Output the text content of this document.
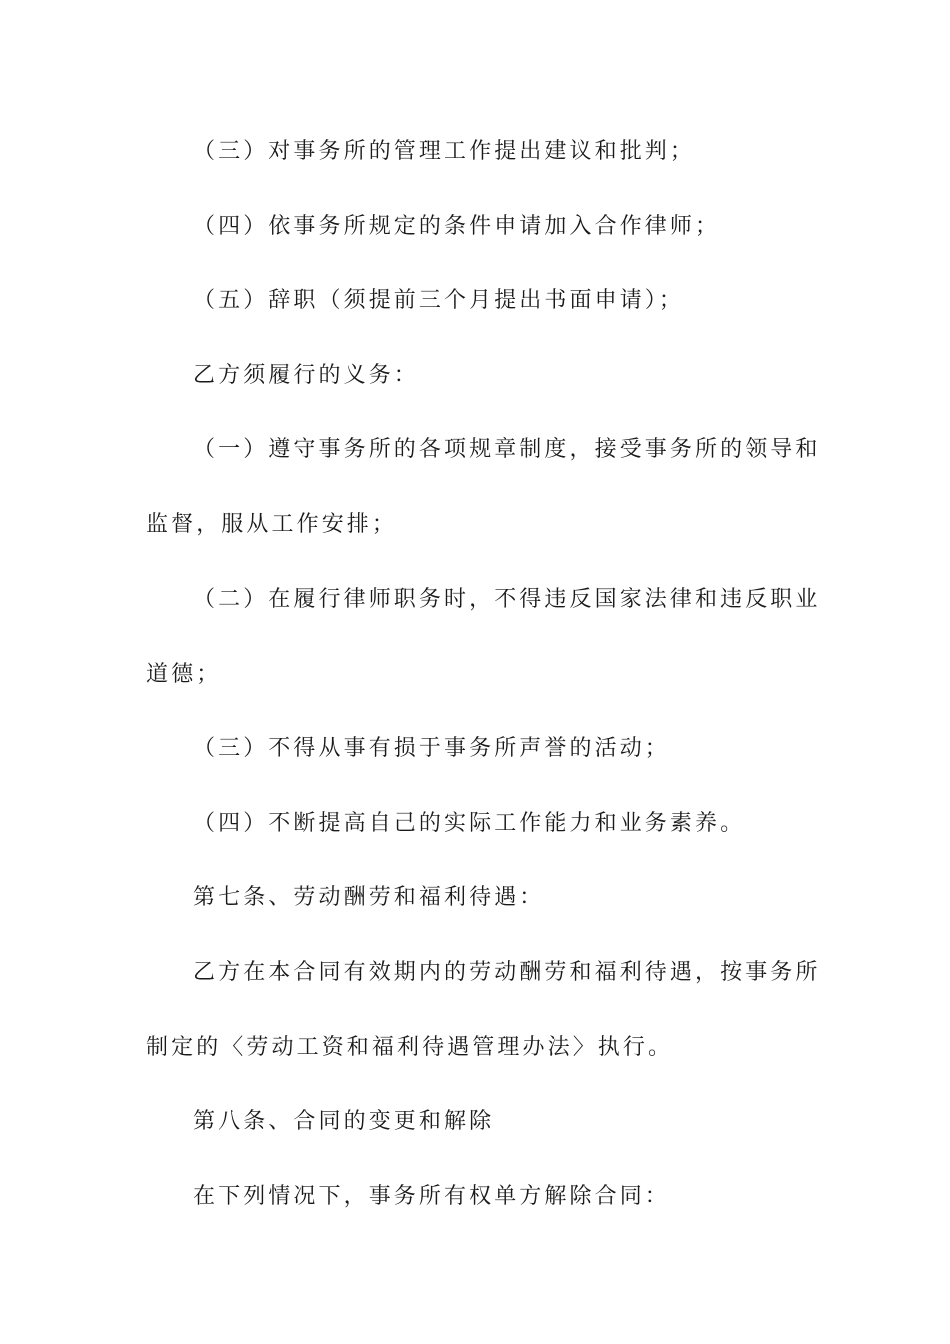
（三）对事务所的管理工作提出建议和批判；
（四）依事务所规定的条件申请加入合作律师；
（五）辞职（须提前三个月提出书面申请）；
乙方须履行的义务：
（一）遵守事务所的各项规章制度，接受事务所的领导和
监督，服从工作安排；
（二）在履行律师职务时，不得违反国家法律和违反职业
道德；
（三）不得从事有损于事务所声誉的活动；
（四）不断提高自己的实际工作能力和业务素养。
第七条、劳动酬劳和福利待遇：
乙方在本合同有效期内的劳动酬劳和福利待遇，按事务所
制定的〈劳动工资和福利待遇管理办法〉执行。
第八条、合同的变更和解除
在下列情况下，事务所有权单方解除合同：
